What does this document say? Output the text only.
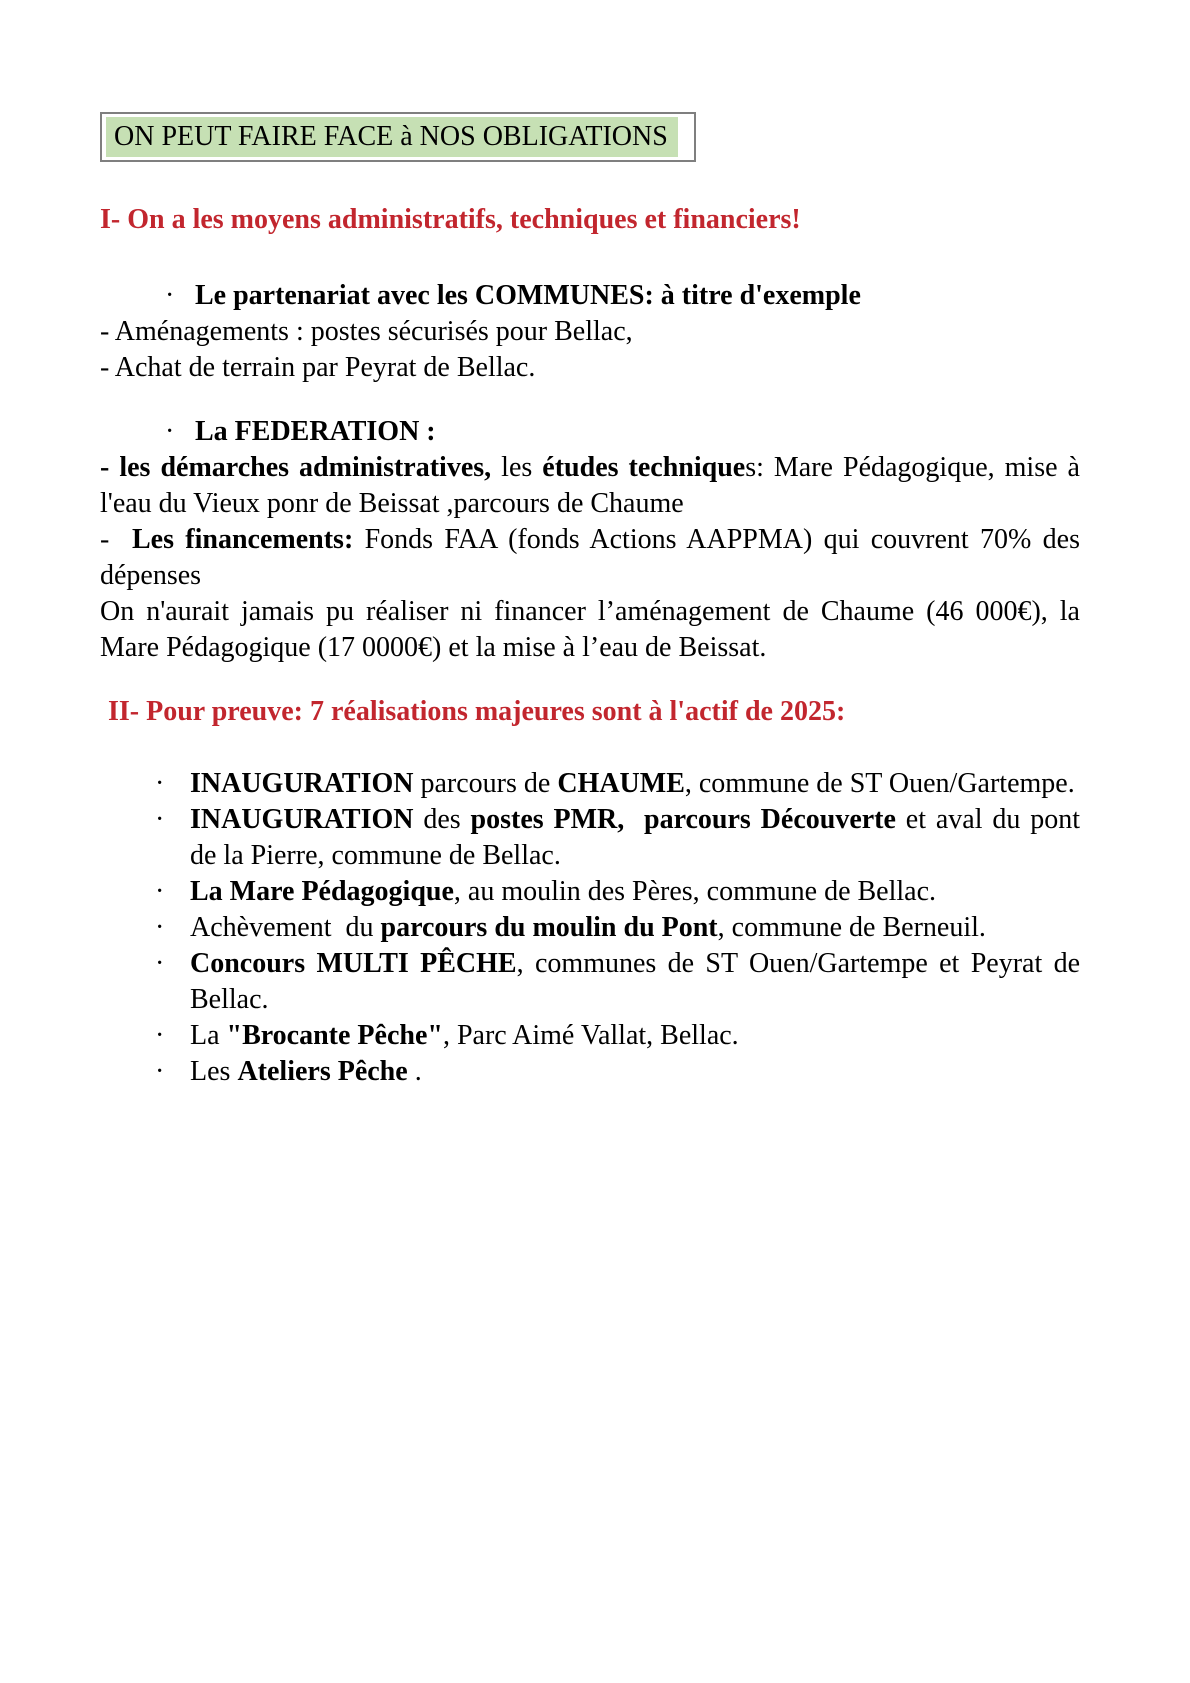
ON PEUT FAIRE FACE à NOS OBLIGATIONS

I- On a les moyens administratifs, techniques et financiers!

· Le partenariat avec les COMMUNES: à titre d'exemple

- Aménagements : postes sécurisés pour Bellac,

- Achat de terrain par Peyrat de Bellac.

· La FEDERATION :

- les démarches administratives, les études techniques: Mare Pédagogique, mise à l'eau du Vieux ponr de Beissat ,parcours de Chaume

-  Les financements: Fonds FAA (fonds Actions AAPPMA) qui couvrent 70% des dépenses

On n'aurait jamais pu réaliser ni financer l’aménagement de Chaume (46 000€), la Mare Pédagogique (17 0000€) et la mise à l’eau de Beissat.

II- Pour preuve: 7 réalisations majeures sont à l'actif de 2025:

· INAUGURATION parcours de CHAUME, commune de ST Ouen/Gartempe.
· INAUGURATION des postes PMR, parcours Découverte et aval du pont de la Pierre, commune de Bellac.
· La Mare Pédagogique, au moulin des Pères, commune de Bellac.
· Achèvement  du parcours du moulin du Pont, commune de Berneuil.
· Concours MULTI PÊCHE, communes de ST Ouen/Gartempe et Peyrat de Bellac.
· La "Brocante Pêche", Parc Aimé Vallat, Bellac.
· Les Ateliers Pêche .
